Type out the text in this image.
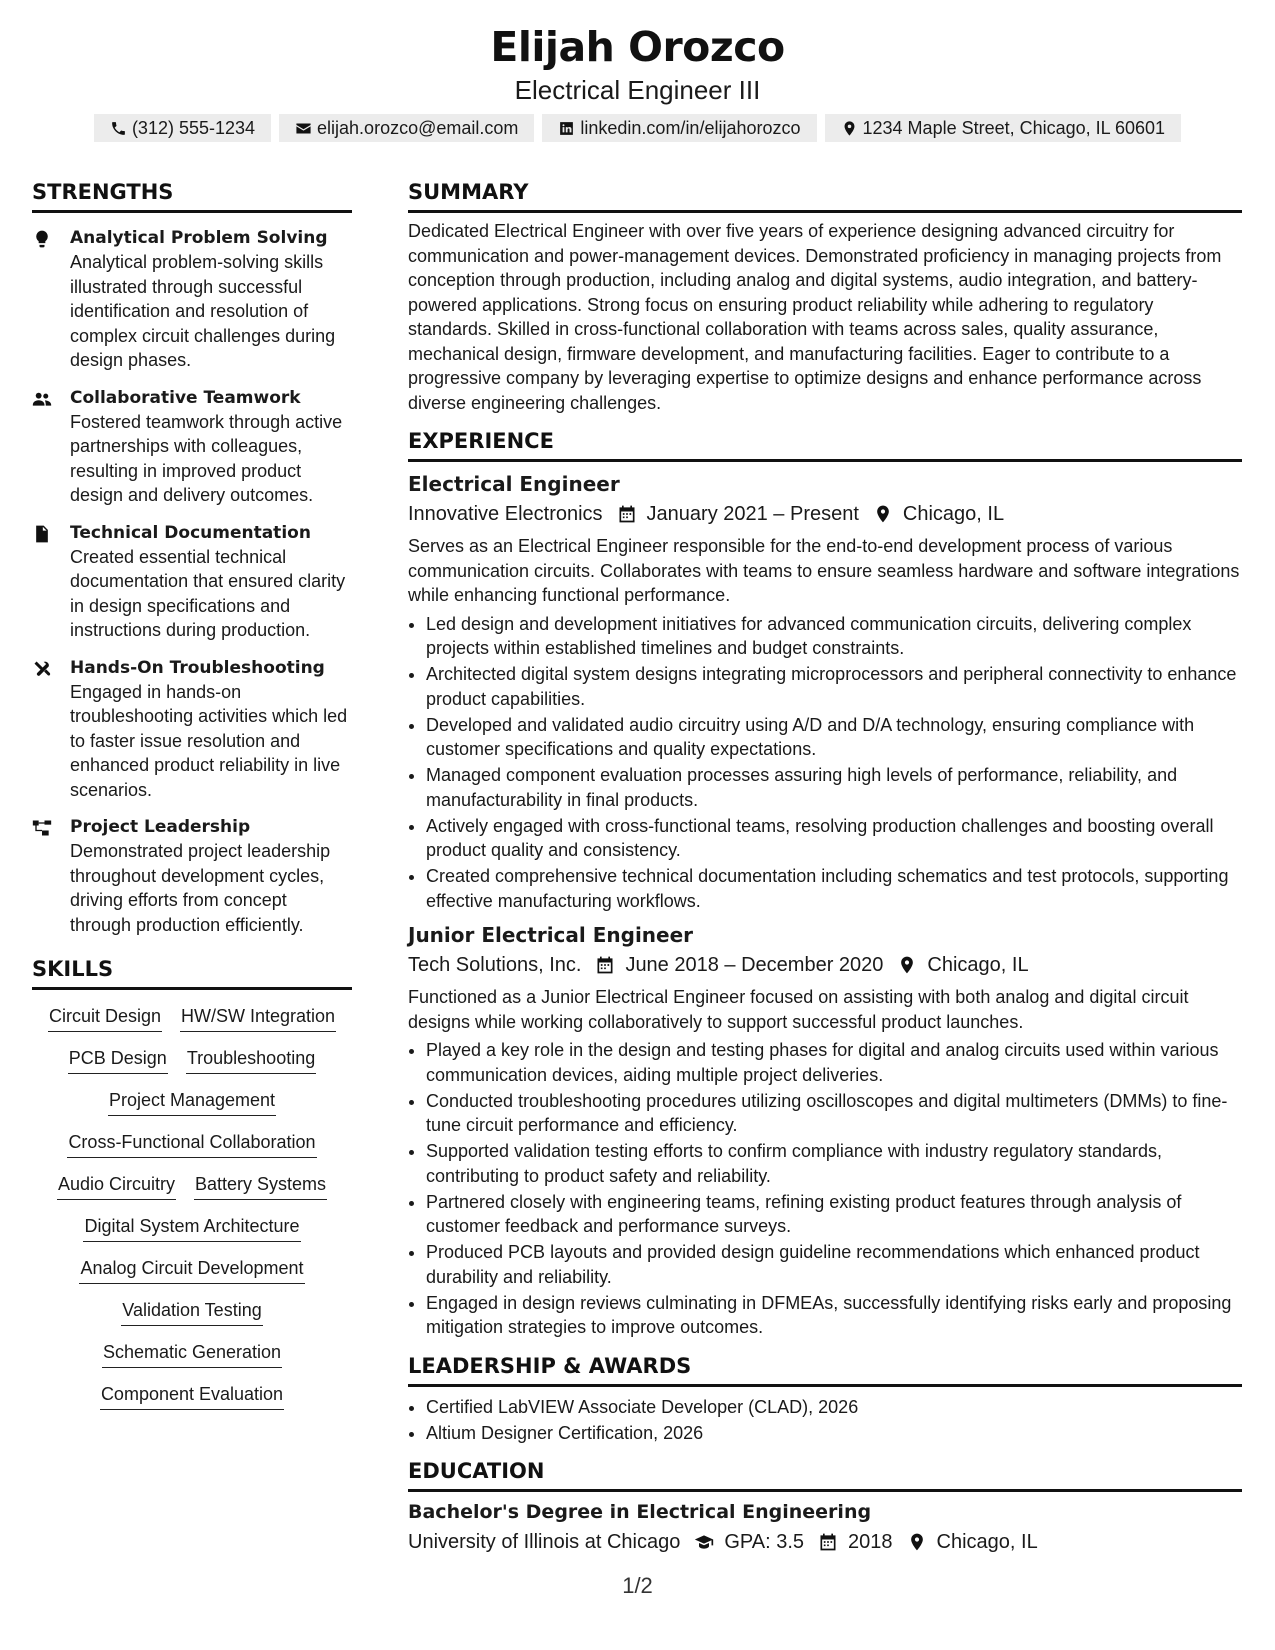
Elijah Orozco
Electrical Engineer III
(312) 555-1234	elijah.orozco@email.com	linkedin.com/in/elijahorozco	1234 Maple Street, Chicago, IL 60601
STRENGTHS
Analytical Problem Solving
Analytical problem-solving skills illustrated through successful identification and resolution of complex circuit challenges during design phases.
Collaborative Teamwork
Fostered teamwork through active partnerships with colleagues, resulting in improved product design and delivery outcomes.
Technical Documentation
Created essential technical documentation that ensured clarity in design specifications and instructions during production.
Hands-On Troubleshooting
Engaged in hands-on troubleshooting activities which led to faster issue resolution and enhanced product reliability in live scenarios.
Project Leadership
Demonstrated project leadership throughout development cycles, driving efforts from concept through production efficiently.
SKILLS
Circuit Design HW/SW Integration
PCB Design Troubleshooting
Project Management
Cross-Functional Collaboration
Audio Circuitry Battery Systems
Digital System Architecture
Analog Circuit Development
Validation Testing
Schematic Generation
Component Evaluation
SUMMARY
Dedicated Electrical Engineer with over five years of experience designing advanced circuitry for communication and power-management devices. Demonstrated proficiency in managing projects from conception through production, including analog and digital systems, audio integration, and battery-powered applications. Strong focus on ensuring product reliability while adhering to regulatory standards. Skilled in cross-functional collaboration with teams across sales, quality assurance, mechanical design, firmware development, and manufacturing facilities. Eager to contribute to a progressive company by leveraging expertise to optimize designs and enhance performance across diverse engineering challenges.
EXPERIENCE
Electrical Engineer
Innovative Electronics January 2021 – Present Chicago, IL
Serves as an Electrical Engineer responsible for the end-to-end development process of various communication circuits. Collaborates with teams to ensure seamless hardware and software integrations while enhancing functional performance.
• Led design and development initiatives for advanced communication circuits, delivering complex projects within established timelines and budget constraints.
• Architected digital system designs integrating microprocessors and peripheral connectivity to enhance product capabilities.
• Developed and validated audio circuitry using A/D and D/A technology, ensuring compliance with customer specifications and quality expectations.
• Managed component evaluation processes assuring high levels of performance, reliability, and manufacturability in final products.
• Actively engaged with cross-functional teams, resolving production challenges and boosting overall product quality and consistency.
• Created comprehensive technical documentation including schematics and test protocols, supporting effective manufacturing workflows.
Junior Electrical Engineer
Tech Solutions, Inc. June 2018 – December 2020 Chicago, IL
Functioned as a Junior Electrical Engineer focused on assisting with both analog and digital circuit designs while working collaboratively to support successful product launches.
• Played a key role in the design and testing phases for digital and analog circuits used within various communication devices, aiding multiple project deliveries.
• Conducted troubleshooting procedures utilizing oscilloscopes and digital multimeters (DMMs) to fine-tune circuit performance and efficiency.
• Supported validation testing efforts to confirm compliance with industry regulatory standards, contributing to product safety and reliability.
• Partnered closely with engineering teams, refining existing product features through analysis of customer feedback and performance surveys.
• Produced PCB layouts and provided design guideline recommendations which enhanced product durability and reliability.
• Engaged in design reviews culminating in DFMEAs, successfully identifying risks early and proposing mitigation strategies to improve outcomes.
LEADERSHIP & AWARDS
• Certified LabVIEW Associate Developer (CLAD), 2026
• Altium Designer Certification, 2026
EDUCATION
Bachelor's Degree in Electrical Engineering
University of Illinois at Chicago GPA: 3.5 2018 Chicago, IL
1/2
